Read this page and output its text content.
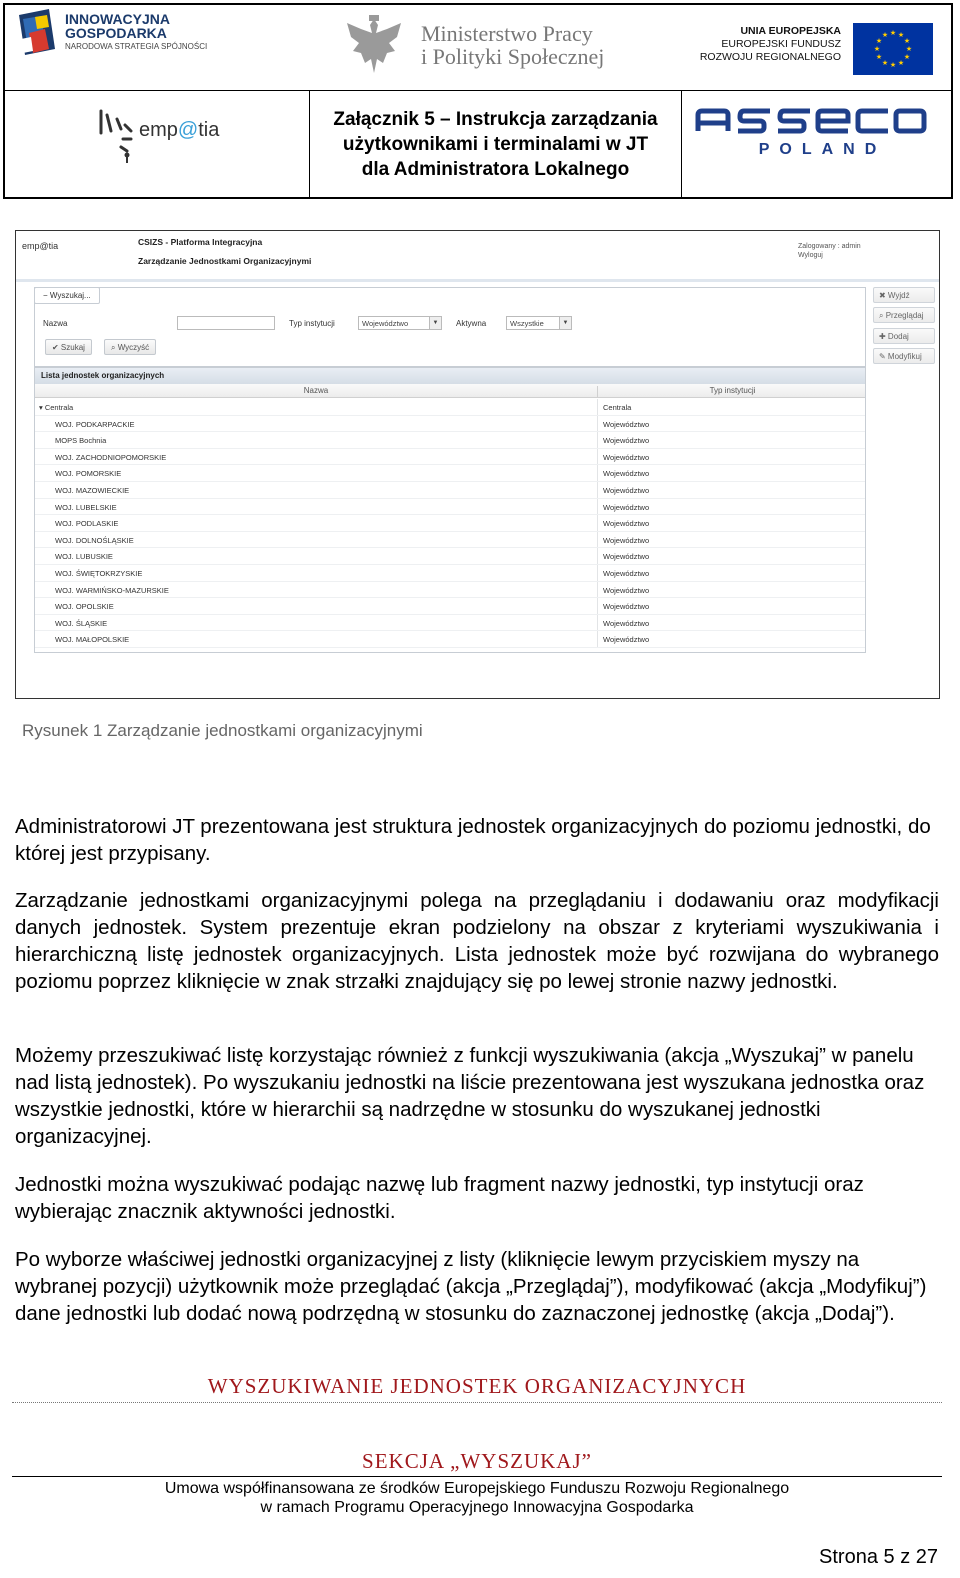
INNOWACYJNA
GOSPODARKA
NARODOWA STRATEGIA SPÓJNOŚCI
Ministerstwo Pracy
i Polityki Społecznej
UNIA EUROPEJSKA
EUROPEJSKI FUNDUSZ
ROZWOJU REGIONALNEGO
★ ★
★
★
★
★
★
★
★
★
★
★
emp@tia	Załącznik 5 – Instrukcja zarządzania
użytkownikami i terminalami w JT
dla Administratora Lokalnego
POLAND
emp@tia	CSIZS - Platforma Integracyjna
Zarządzanie Jednostkami Organizacyjnymi
Zalogowany : admin
Wyloguj
− Wyszukaj...
Nazwa	Typ instytucji	Województwo	▼	Aktywna	Wszystkie	▼
✔ Szukaj	⌕ Wyczyść
✖ Wyjdź
⌕ Przeglądaj
✚ Dodaj
✎ Modyfikuj
Lista jednostek organizacyjnych
Nazwa	Typ instytucji
▾ Centrala	Centrala
WOJ. PODKARPACKIE	Województwo
MOPS Bochnia	Województwo
WOJ. ZACHODNIOPOMORSKIE	Województwo
WOJ. POMORSKIE	Województwo
WOJ. MAZOWIECKIE	Województwo
WOJ. LUBELSKIE	Województwo
WOJ. PODLASKIE	Województwo
WOJ. DOLNOŚLĄSKIE	Województwo
WOJ. LUBUSKIE	Województwo
WOJ. ŚWIĘTOKRZYSKIE	Województwo
WOJ. WARMIŃSKO-MAZURSKIE	Województwo
WOJ. OPOLSKIE	Województwo
WOJ. ŚLĄSKIE	Województwo
WOJ. MAŁOPOLSKIE	Województwo
Rysunek 1 Zarządzanie jednostkami organizacyjnymi
Administratorowi JT prezentowana jest struktura jednostek organizacyjnych do poziomu jednostki, do której jest przypisany.
Zarządzanie jednostkami organizacyjnymi polega na przeglądaniu i dodawaniu oraz modyfikacji danych jednostek. System prezentuje ekran podzielony na obszar z kryteriami wyszukiwania i hierarchiczną listę jednostek organizacyjnych. Lista jednostek może być rozwijana do wybranego poziomu poprzez kliknięcie w znak strzałki znajdujący się po lewej stronie nazwy jednostki.
Możemy przeszukiwać listę korzystając również z funkcji wyszukiwania (akcja „Wyszukaj” w panelu nad listą jednostek). Po wyszukaniu jednostki na liście prezentowana jest wyszukana jednostka oraz wszystkie jednostki, które w hierarchii są nadrzędne w stosunku do wyszukanej jednostki organizacyjnej.
Jednostki można wyszukiwać podając nazwę lub fragment nazwy jednostki, typ instytucji oraz wybierając znacznik aktywności jednostki.
Po wyborze właściwej jednostki organizacyjnej z listy (kliknięcie lewym przyciskiem myszy na wybranej pozycji) użytkownik może przeglądać (akcja „Przeglądaj”), modyfikować (akcja „Modyfikuj”) dane jednostki lub dodać nową podrzędną w stosunku do zaznaczonej jednostkę (akcja „Dodaj”).
WYSZUKIWANIE JEDNOSTEK ORGANIZACYJNYCH
SEKCJA „WYSZUKAJ”
Umowa współfinansowana ze środków Europejskiego Funduszu Rozwoju Regionalnego
w ramach Programu Operacyjnego Innowacyjna Gospodarka
Strona 5 z 27
